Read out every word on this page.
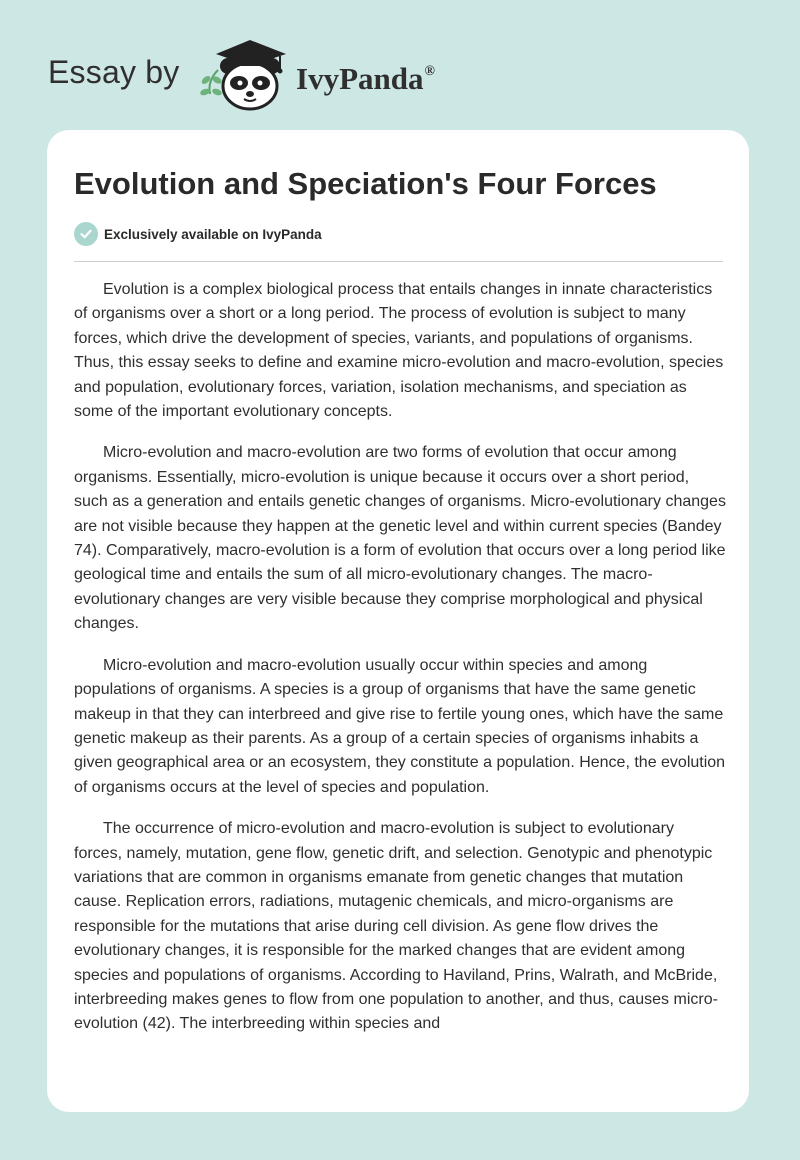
Essay by	IvyPanda®
Evolution and Speciation's Four Forces
Exclusively available on IvyPanda

Evolution is a complex biological process that entails changes in innate characteristics of organisms over a short or a long period. The process of evolution is subject to many forces, which drive the development of species, variants, and populations of organisms. Thus, this essay seeks to define and examine micro-evolution and macro-evolution, species and population, evolutionary forces, variation, isolation mechanisms, and speciation as some of the important evolutionary concepts.

Micro-evolution and macro-evolution are two forms of evolution that occur among organisms. Essentially, micro-evolution is unique because it occurs over a short period, such as a generation and entails genetic changes of organisms. Micro-evolutionary changes are not visible because they happen at the genetic level and within current species (Bandey 74). Comparatively, macro-evolution is a form of evolution that occurs over a long period like geological time and entails the sum of all micro-evolutionary changes. The macro-evolutionary changes are very visible because they comprise morphological and physical changes.

Micro-evolution and macro-evolution usually occur within species and among populations of organisms. A species is a group of organisms that have the same genetic makeup in that they can interbreed and give rise to fertile young ones, which have the same genetic makeup as their parents. As a group of a certain species of organisms inhabits a given geographical area or an ecosystem, they constitute a population. Hence, the evolution of organisms occurs at the level of species and population.

The occurrence of micro-evolution and macro-evolution is subject to evolutionary forces, namely, mutation, gene flow, genetic drift, and selection. Genotypic and phenotypic variations that are common in organisms emanate from genetic changes that mutation cause. Replication errors, radiations, mutagenic chemicals, and micro-organisms are responsible for the mutations that arise during cell division. As gene flow drives the evolutionary changes, it is responsible for the marked changes that are evident among species and populations of organisms. According to Haviland, Prins, Walrath, and McBride, interbreeding makes genes to flow from one population to another, and thus, causes micro-evolution (42). The interbreeding within species and
